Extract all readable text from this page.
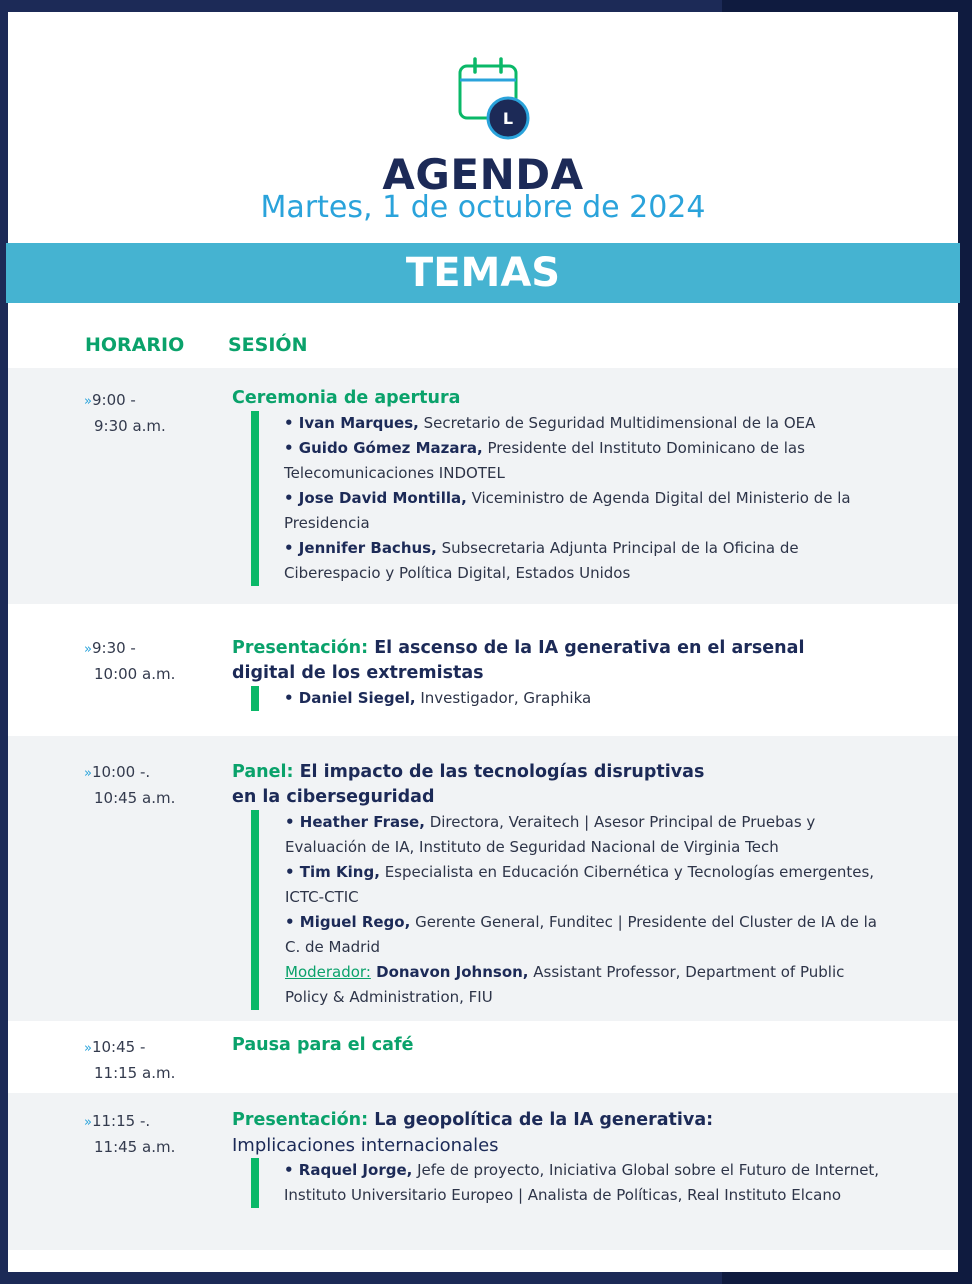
L
AGENDA
Martes, 1 de octubre de 2024
TEMAS
HORARIO SESIÓN
»9:00 -
9:30 a.m.
Ceremonia de apertura
• Ivan Marques, Secretario de Seguridad Multidimensional de la OEA
• Guido Gómez Mazara, Presidente del Instituto Dominicano de las Telecomunicaciones INDOTEL
• Jose David Montilla, Viceministro de Agenda Digital del Ministerio de la Presidencia
• Jennifer Bachus, Subsecretaria Adjunta Principal de la Oficina de Ciberespacio y Política Digital, Estados Unidos
»9:30 -
10:00 a.m.
Presentación: El ascenso de la IA generativa en el arsenal digital de los extremistas
• Daniel Siegel, Investigador, Graphika
»10:00 -.
10:45 a.m.
Panel: El impacto de las tecnologías disruptivas
en la ciberseguridad
• Heather Frase, Directora, Veraitech | Asesor Principal de Pruebas y Evaluación de IA, Instituto de Seguridad Nacional de Virginia Tech
• Tim King, Especialista en Educación Cibernética y Tecnologías emergentes, ICTC-CTIC
• Miguel Rego, Gerente General, Funditec | Presidente del Cluster de IA de la C. de Madrid
Moderador: Donavon Johnson, Assistant Professor, Department of Public Policy & Administration, FIU
»10:45 -
11:15 a.m.
Pausa para el café
»11:15 -.
11:45 a.m.
Presentación: La geopolítica de la IA generativa:
Implicaciones internacionales
• Raquel Jorge, Jefe de proyecto, Iniciativa Global sobre el Futuro de Internet, Instituto Universitario Europeo | Analista de Políticas, Real Instituto Elcano
